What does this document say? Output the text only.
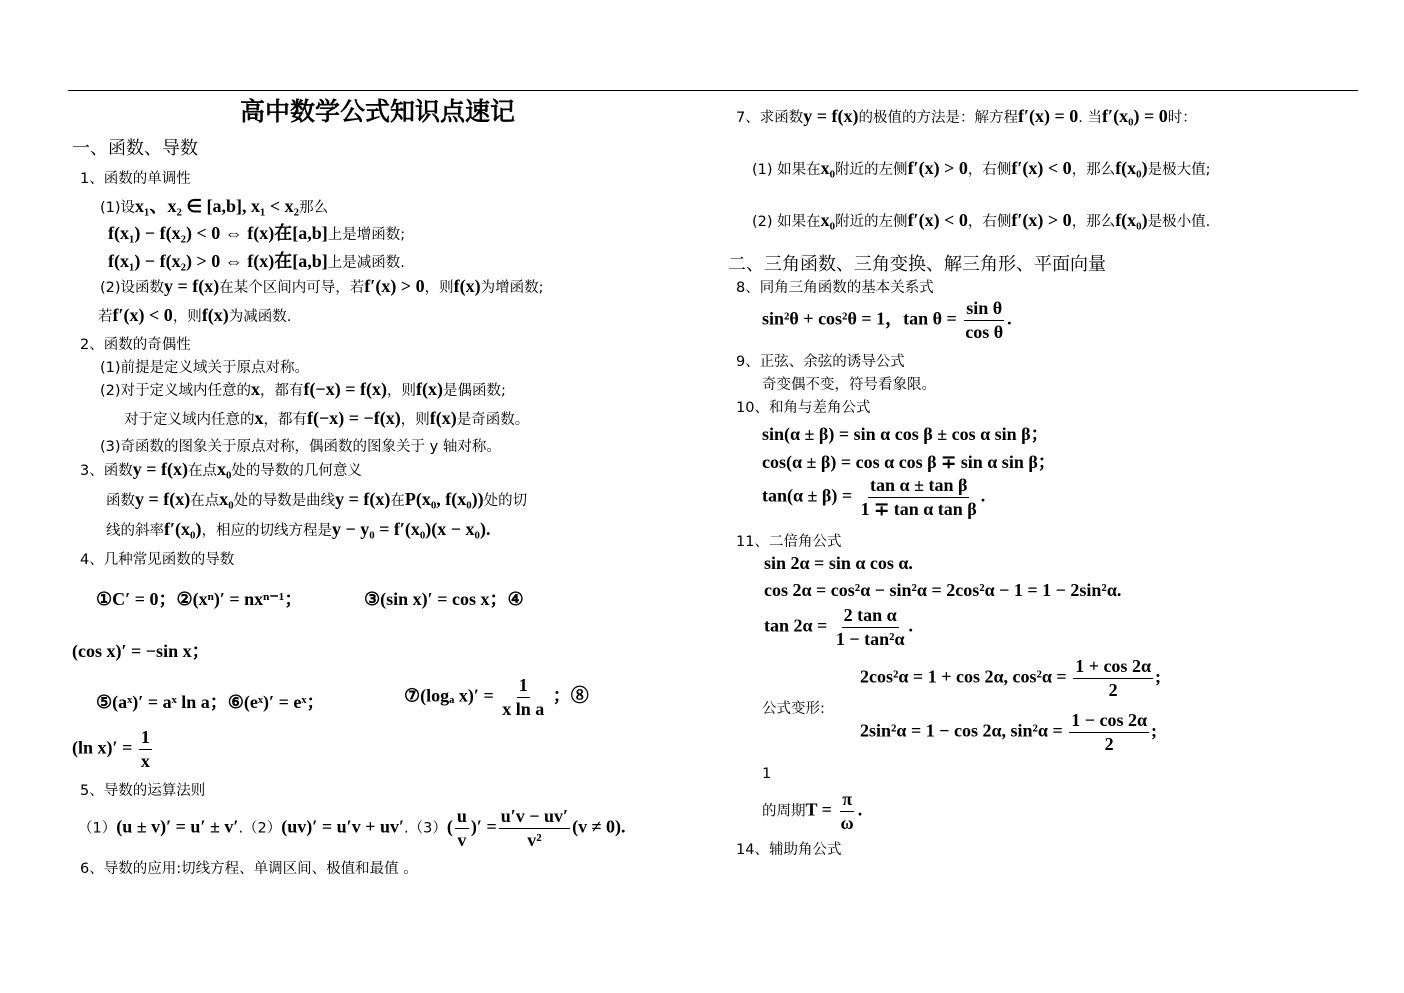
高中数学公式知识点速记
一、函数、导数
1、函数的单调性
(1)设x₁、x₂ ∈ [a,b], x₁ < x₂那么
f(x₁) − f(x₂) < 0 ⇔ f(x)在[a,b]上是增函数;
f(x₁) − f(x₂) > 0 ⇔ f(x)在[a,b]上是减函数.
(2)设函数y = f(x)在某个区间内可导，若f′(x) > 0，则f(x)为增函数;
若f′(x) < 0，则f(x)为减函数.
2、函数的奇偶性
(1)前提是定义域关于原点对称。
(2)对于定义域内任意的x，都有f(−x) = f(x)，则f(x)是偶函数;
对于定义域内任意的x，都有f(−x) = −f(x)，则f(x)是奇函数。
(3)奇函数的图象关于原点对称，偶函数的图象关于 y 轴对称。
3、函数y = f(x)在点x₀处的导数的几何意义
函数y = f(x)在点x₀处的导数是曲线y = f(x)在P(x₀, f(x₀))处的切
线的斜率f′(x₀)，相应的切线方程是y − y₀ = f′(x₀)(x − x₀).
4、几种常见函数的导数
①C′ = 0；②(xⁿ)′ = nxⁿ⁻¹；	③(sin x)′ = cos x；④
(cos x)′ = −sin x；
⑤(aˣ)′ = aˣ ln a；⑥(eˣ)′ = eˣ；	⑦(logₐ $x)' = \frac{1}{\text{x ln a}}$ ；⑧
(ln $x)' = \frac{1}{x}$
5、导数的运算法则
$(1)(u \pm v)' = u' \pm v'.(2)(uv)' = u'v + uv'.(3)( \frac{u}{v}$ )′ = $\frac{u'v - uv'}{\text{v²}} (v \ne 0)$.
6、导数的应用:切线方程、单调区间、极值和最值 。
7、求函数y = f(x)的极值的方法是：解方程f′(x) = 0. 当f′(x₀) = 0时：
(1) 如果在x₀附近的左侧f′(x) > 0，右侧f′(x) < 0，那么f(x₀)是极大值;
(2) 如果在x₀附近的左侧f′(x) < 0，右侧f′(x) > 0，那么f(x₀)是极小值.
二、三角函数、三角变换、解三角形、平面向量
8、同角三角函数的基本关系式
sin²θ + cos²θ = 1，$\tan \theta = \frac{\text{sin θ}}{\text{cos θ}}$ .
9、正弦、余弦的诱导公式
奇变偶不变，符号看象限。
10、和角与差角公式
sin(α ± β) = sin α cos β ± cos α sin β；
cos(α ± β) = cos α cos β ∓ sin α sin β；
$\tan(\alpha \pm \beta) = \frac{\text{tan α ± tan β}}{\text{1 ∓ tan α tan β}}$ .
11、二倍角公式
sin 2α = sin α cos α.
cos 2α = cos²α − sin²α = 2cos²α − 1 = 1 − 2sin²α.
$\tan 2\alpha = \frac{\text{2 tan α}}{\text{1 − tan²α}}$ .
公式变形:
2cos²α = 1 + cos 2α, $\cos^2\alpha = \frac{1 + \cos 2\alpha}{2}$ ;
2sin²α = 1 − cos 2α, $\sin^2\alpha = \frac{1 - \cos 2\alpha}{2}$ ;
1
的周期$T = \frac{\pi}{\omega}$ .
14、辅助角公式
